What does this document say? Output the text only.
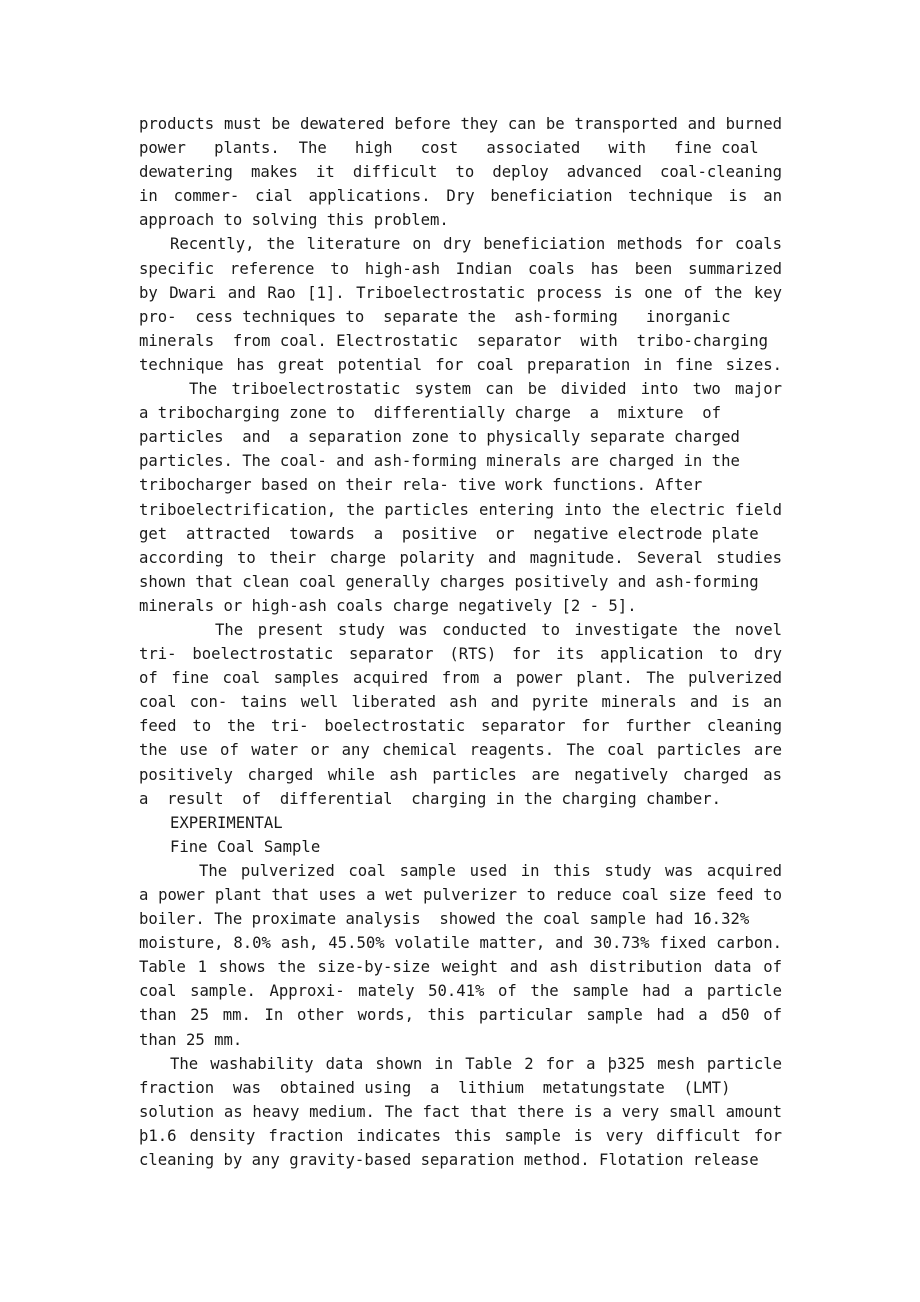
products must be dewatered before they can be transported and burned
power   plants.  The   high   cost   associated   with   fine coal
dewatering makes it difficult to deploy advanced coal-cleaning
in commer- cial applications. Dry beneficiation technique is an
approach to solving this problem.
Recently, the literature on dry beneficiation methods for coals
specific reference to high-ash Indian coals has been summarized
by Dwari and Rao [1]. Triboelectrostatic process is one of the key
pro-  cess techniques to  separate the  ash-forming   inorganic
minerals  from coal. Electrostatic  separator  with  tribo-charging
technique has great potential for coal preparation in fine sizes.
The triboelectrostatic system can be divided into two major
a tribocharging zone to  differentially charge  a  mixture  of
particles  and  a separation zone to physically separate charged
particles. The coal- and ash-forming minerals are charged in the
tribocharger based on their rela- tive work functions. After
triboelectrification, the particles entering into the electric field
get  attracted  towards  a  positive  or  negative electrode plate
according to their charge polarity and magnitude. Several studies
shown that clean coal generally charges positively and ash-forming
minerals or high-ash coals charge negatively [2 - 5].
The present study was conducted to investigate the novel
tri- boelectrostatic separator (RTS) for its application to dry
of fine coal samples acquired from a power plant. The pulverized
coal con- tains well liberated ash and pyrite minerals and is an
feed to the tri- boelectrostatic separator for further cleaning
the use of water or any chemical reagents. The coal particles are
positively charged while ash particles are negatively charged as
a  result  of  differential  charging in the charging chamber.
EXPERIMENTAL
Fine Coal Sample
The pulverized coal sample used in this study was acquired
a power plant that uses a wet pulverizer to reduce coal size feed to
boiler. The proximate analysis  showed the coal sample had 16.32%
moisture, 8.0% ash, 45.50% volatile matter, and 30.73% fixed carbon.
Table 1 shows the size-by-size weight and ash distribution data of
coal sample. Approxi- mately 50.41% of the sample had a particle
than 25 mm. In other words, this particular sample had a d50 of
than 25 mm.
The washability data shown in Table 2 for a þ325 mesh particle
fraction  was  obtained using  a  lithium  metatungstate  (LMT)
solution as heavy medium. The fact that there is a very small amount
þ1.6 density fraction indicates this sample is very difficult for
cleaning by any gravity-based separation method. Flotation release
